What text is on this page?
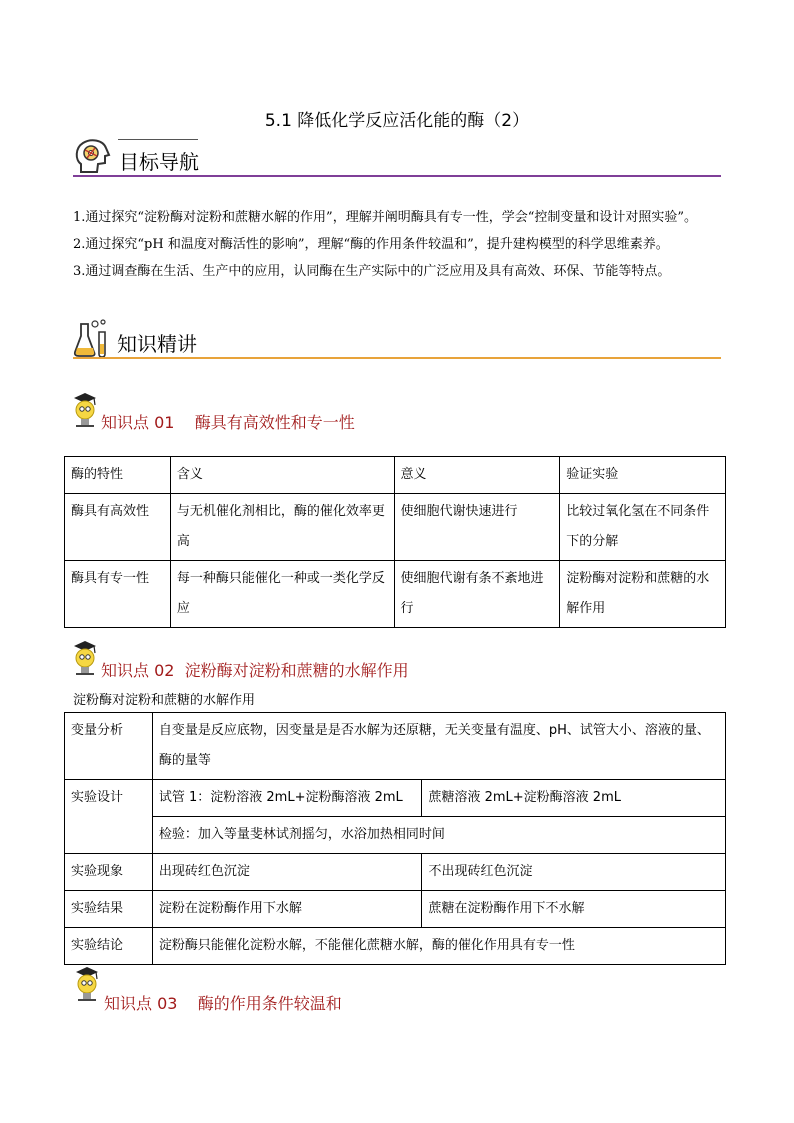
5.1 降低化学反应活化能的酶（2）
目标导航
1.通过探究“淀粉酶对淀粉和蔗糖水解的作用”，理解并阐明酶具有专一性，学会“控制变量和设计对照实验”。
2.通过探究“pH 和温度对酶活性的影响”，理解“酶的作用条件较温和”，提升建构模型的科学思维素养。
3.通过调查酶在生活、生产中的应用，认同酶在生产实际中的广泛应用及具有高效、环保、节能等特点。
知识精讲
知识点 01    酶具有高效性和专一性
酶的特性	含义	意义	验证实验
酶具有高效性	与无机催化剂相比，酶的催化效率更高	使细胞代谢快速进行	比较过氧化氢在不同条件下的分解
酶具有专一性	每一种酶只能催化一种或一类化学反应	使细胞代谢有条不紊地进行	淀粉酶对淀粉和蔗糖的水解作用
知识点 02  淀粉酶对淀粉和蔗糖的水解作用
淀粉酶对淀粉和蔗糖的水解作用
变量分析	自变量是反应底物，因变量是是否水解为还原糖，无关变量有温度、pH、试管大小、溶液的量、酶的量等	
实验设计	试管 1：淀粉溶液 2mL+淀粉酶溶液 2mL	蔗糖溶液 2mL+淀粉酶溶液 2mL
	检验：加入等量斐林试剂摇匀，水浴加热相同时间	
实验现象	出现砖红色沉淀	不出现砖红色沉淀
实验结果	淀粉在淀粉酶作用下水解	蔗糖在淀粉酶作用下不水解
实验结论	淀粉酶只能催化淀粉水解，不能催化蔗糖水解，酶的催化作用具有专一性	
知识点 03    酶的作用条件较温和
